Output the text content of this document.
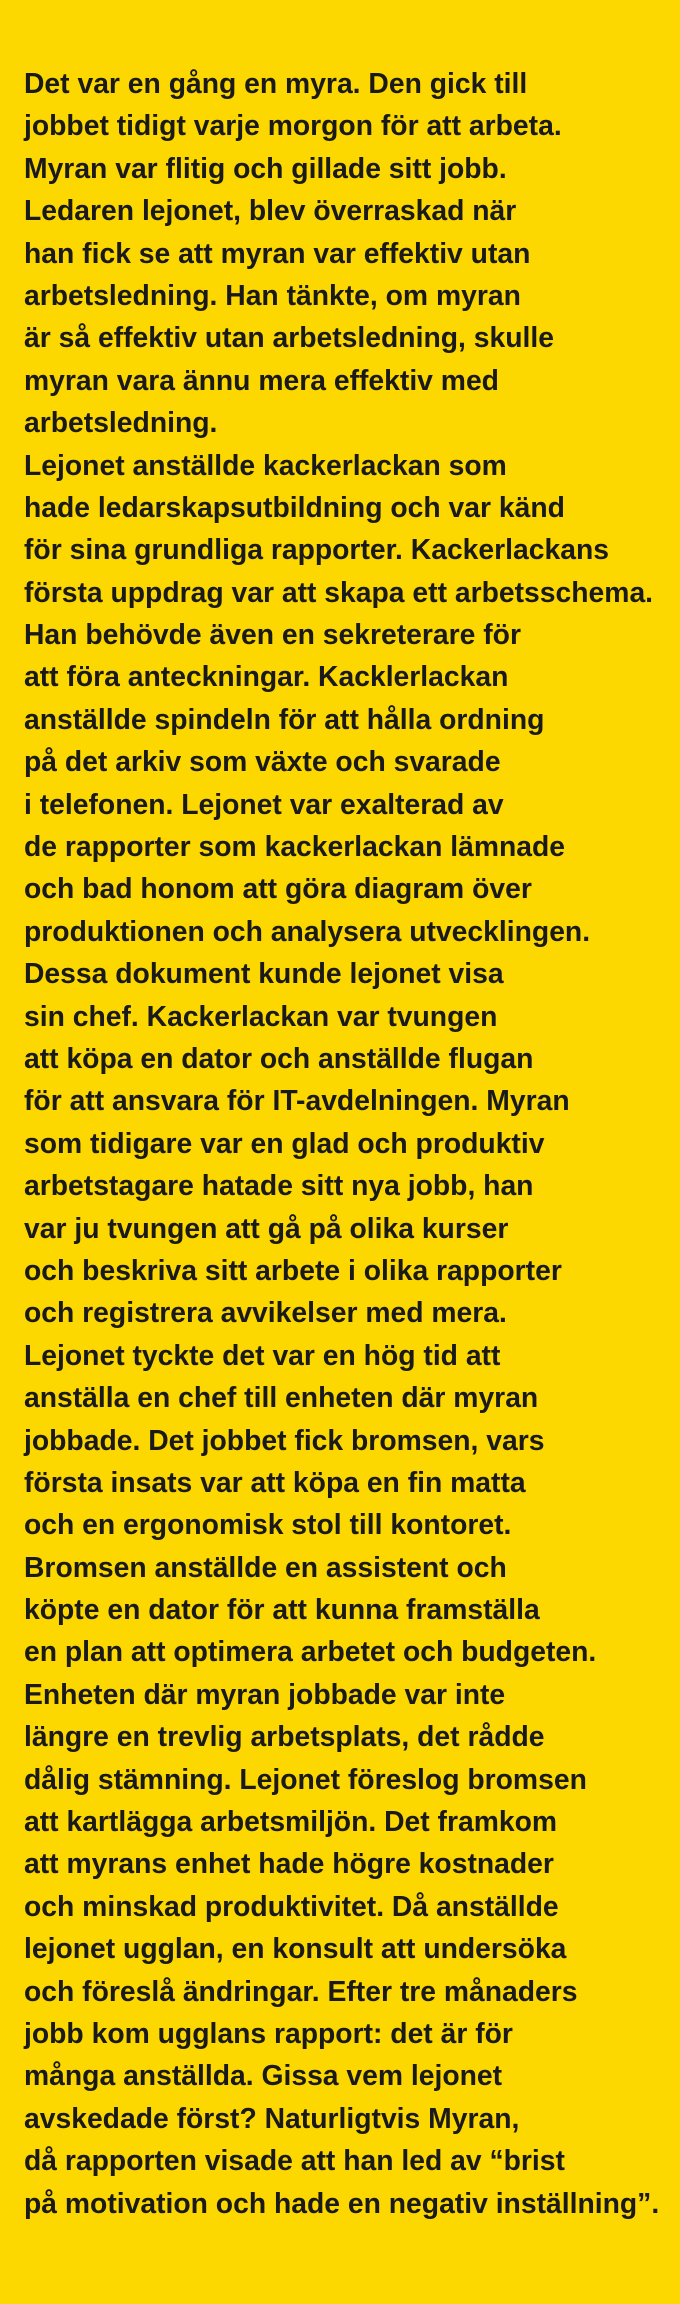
Det var en gång en myra. Den gick till
jobbet tidigt varje morgon för att arbeta.
Myran var flitig och gillade sitt jobb.
Ledaren lejonet, blev överraskad när
han fick se att myran var effektiv utan
arbetsledning. Han tänkte, om myran
är så effektiv utan arbetsledning, skulle
myran vara ännu mera effektiv med
arbetsledning.
Lejonet anställde kackerlackan som
hade ledarskapsutbildning och var känd
för sina grundliga rapporter. Kackerlackans
första uppdrag var att skapa ett arbetsschema.
Han behövde även en sekreterare för
att föra anteckningar. Kacklerlackan
anställde spindeln för att hålla ordning
på det arkiv som växte och svarade
i telefonen. Lejonet var exalterad av
de rapporter som kackerlackan lämnade
och bad honom att göra diagram över
produktionen och analysera utvecklingen.
Dessa dokument kunde lejonet visa
sin chef. Kackerlackan var tvungen
att köpa en dator och anställde flugan
för att ansvara för IT-avdelningen. Myran
som tidigare var en glad och produktiv
arbetstagare hatade sitt nya jobb, han
var ju tvungen att gå på olika kurser
och beskriva sitt arbete i olika rapporter
och registrera avvikelser med mera.
Lejonet tyckte det var en hög tid att
anställa en chef till enheten där myran
jobbade. Det jobbet fick bromsen, vars
första insats var att köpa en fin matta
och en ergonomisk stol till kontoret.
Bromsen anställde en assistent och
köpte en dator för att kunna framställa
en plan att optimera arbetet och budgeten.
Enheten där myran jobbade var inte
längre en trevlig arbetsplats, det rådde
dålig stämning. Lejonet föreslog bromsen
att kartlägga arbetsmiljön. Det framkom
att myrans enhet hade högre kostnader
och minskad produktivitet. Då anställde
lejonet ugglan, en konsult att undersöka
och föreslå ändringar. Efter tre månaders
jobb kom ugglans rapport: det är för
många anställda. Gissa vem lejonet
avskedade först? Naturligtvis Myran,
då rapporten visade att han led av “brist
på motivation och hade en negativ inställning”.
